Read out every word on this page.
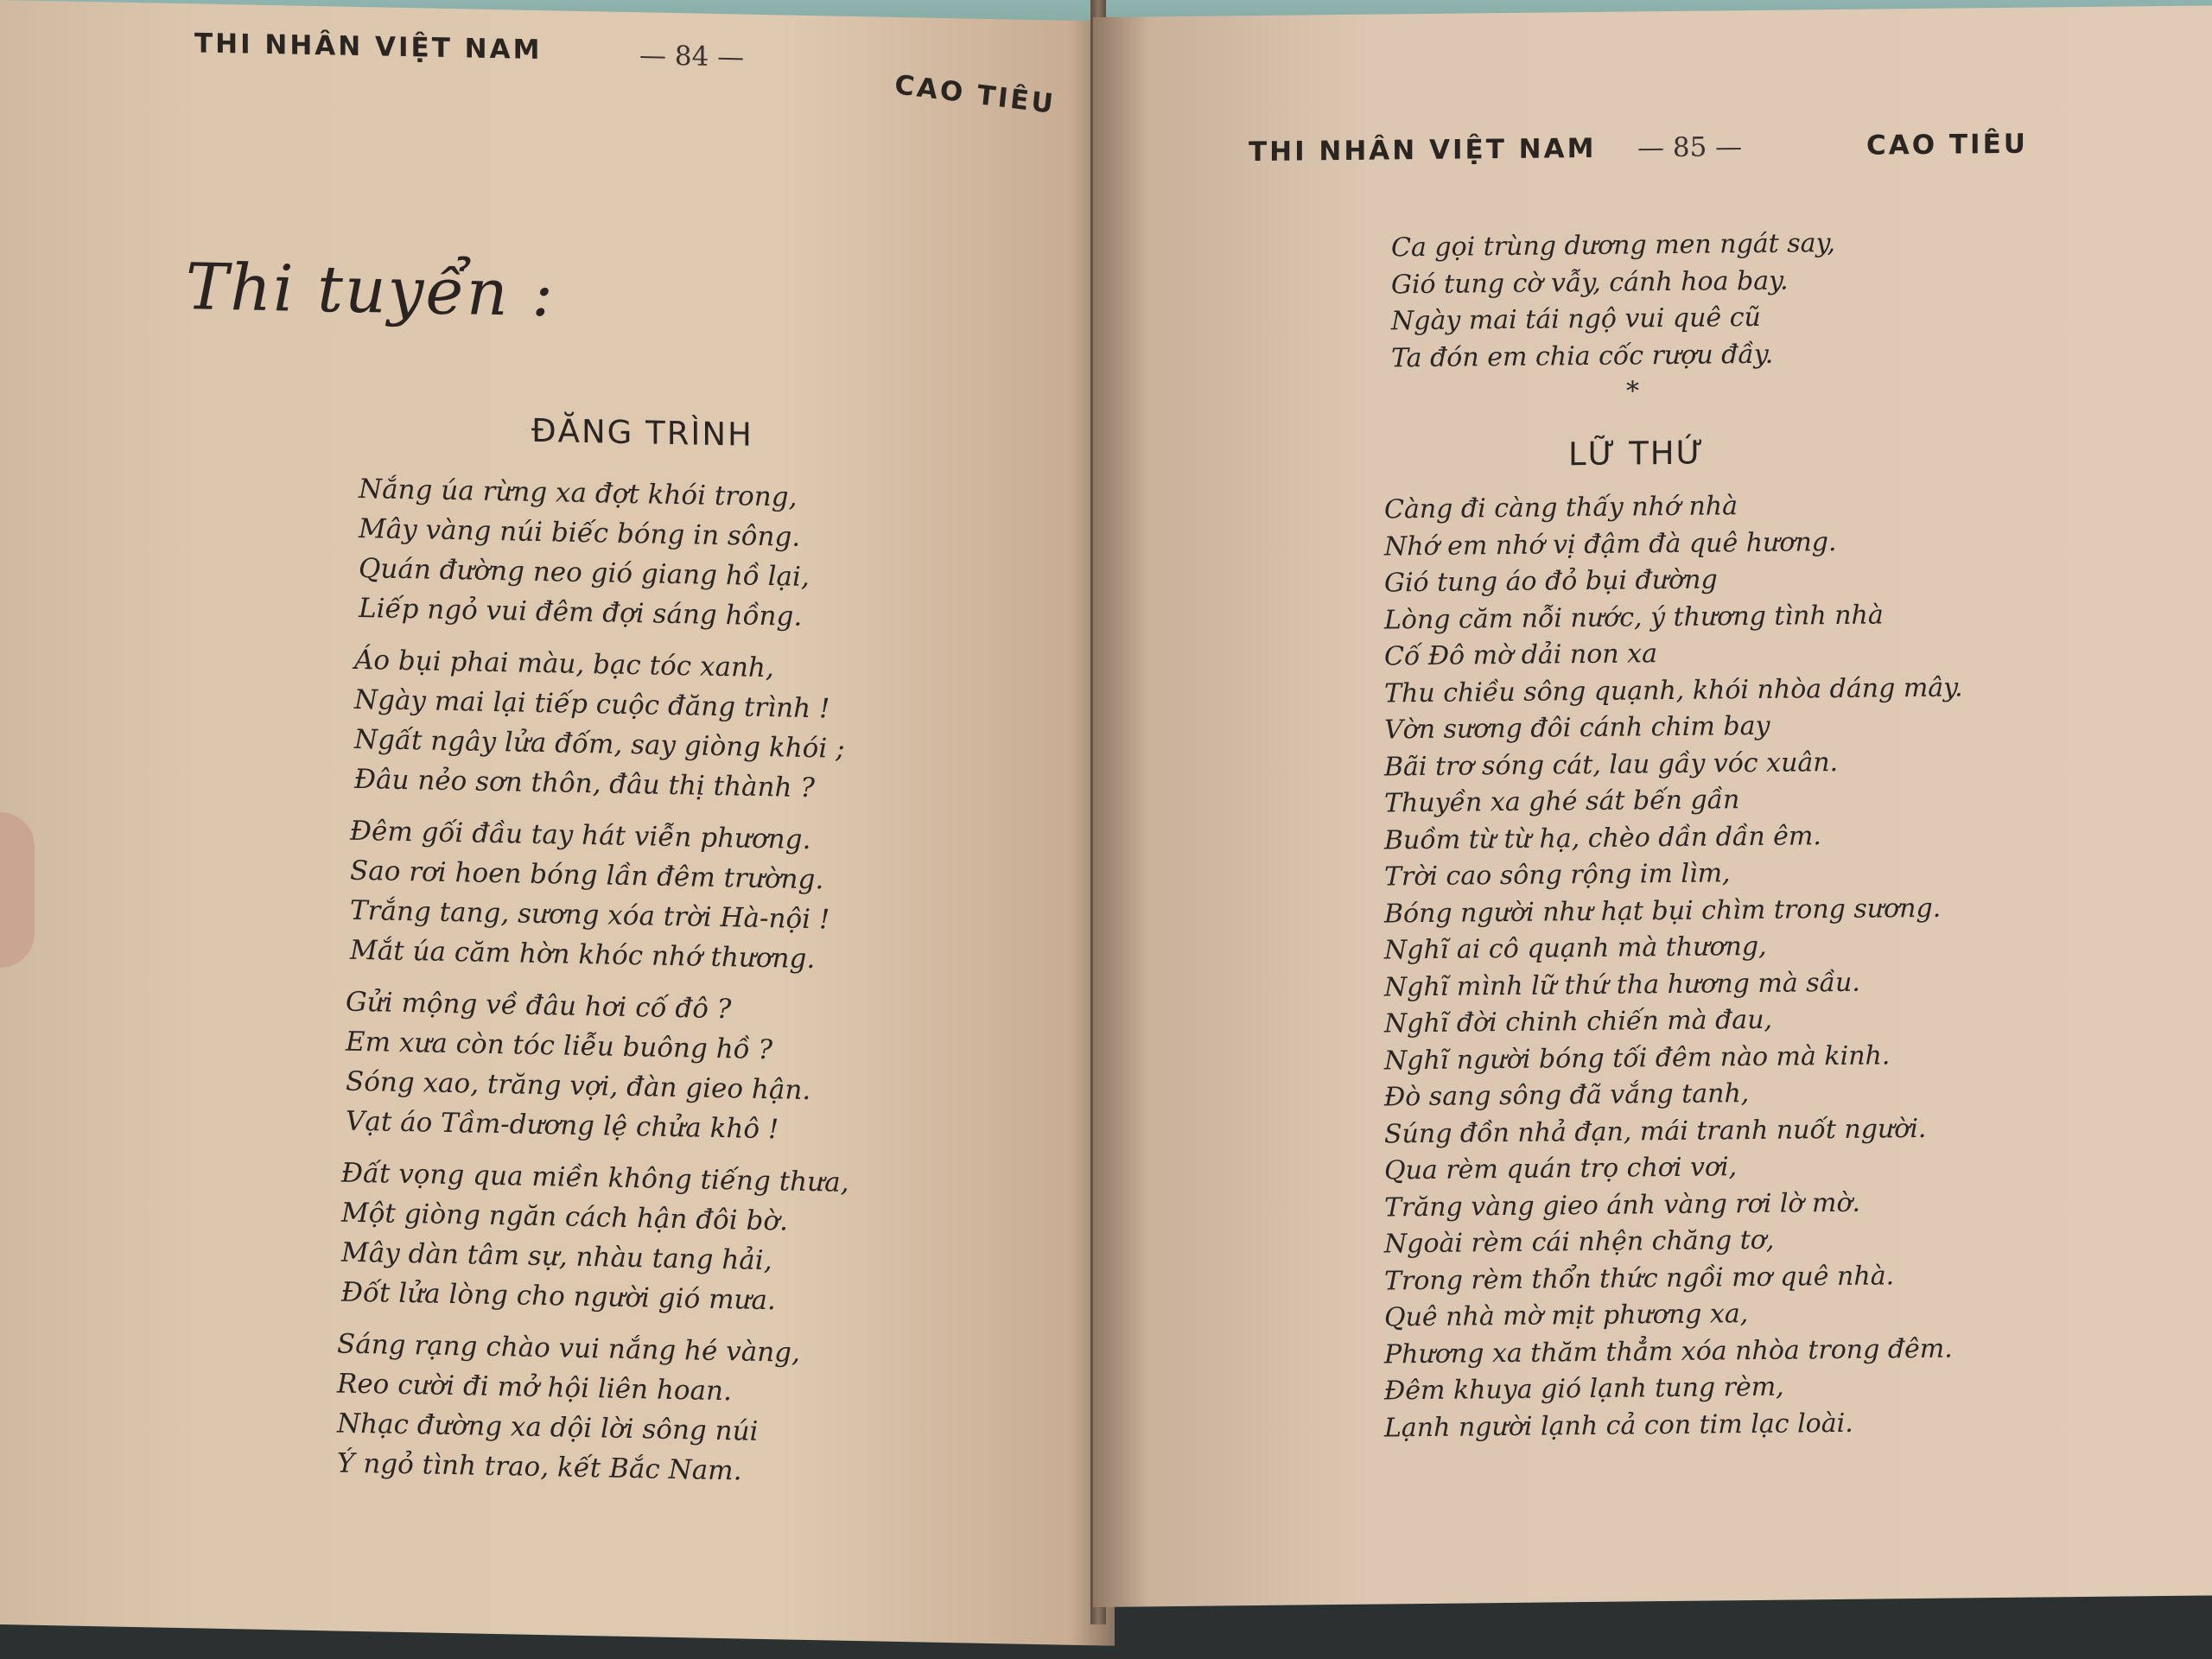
THI NHÂN VIỆT NAM	— 84 —
CAO TIÊU
Thi tuyển :
ĐĂNG TRÌNH
Nắng úa rừng xa đợt khói trong,
Mây vàng núi biếc bóng in sông.
Quán đường neo gió giang hồ lại,
Liếp ngỏ vui đêm đợi sáng hồng.
Áo bụi phai màu, bạc tóc xanh,
Ngày mai lại tiếp cuộc đăng trình !
Ngất ngây lửa đốm, say giòng khói ;
Đâu nẻo sơn thôn, đâu thị thành ?
Đêm gối đầu tay hát viễn phương.
Sao rơi hoen bóng lần đêm trường.
Trắng tang, sương xóa trời Hà-nội !
Mắt úa căm hờn khóc nhớ thương.
Gửi mộng về đâu hơi cố đô ?
Em xưa còn tóc liễu buông hồ ?
Sóng xao, trăng vợi, đàn gieo hận.
Vạt áo Tầm-dương lệ chửa khô !
Đất vọng qua miền không tiếng thưa,
Một giòng ngăn cách hận đôi bờ.
Mây dàn tâm sự, nhàu tang hải,
Đốt lửa lòng cho người gió mưa.
Sáng rạng chào vui nắng hé vàng,
Reo cười đi mở hội liên hoan.
Nhạc đường xa dội lời sông núi
Ý ngỏ tình trao, kết Bắc Nam.
THI NHÂN VIỆT NAM — 85 —	CAO TIÊU
Ca gọi trùng dương men ngát say,
Gió tung cờ vẫy, cánh hoa bay.
Ngày mai tái ngộ vui quê cũ
Ta đón em chia cốc rượu đầy.
*
LỮ THỨ
Càng đi càng thấy nhớ nhà
Nhớ em nhớ vị đậm đà quê hương.
Gió tung áo đỏ bụi đường
Lòng căm nỗi nước, ý thương tình nhà
Cố Đô mờ dải non xa
Thu chiều sông quạnh, khói nhòa dáng mây.
Vờn sương đôi cánh chim bay
Bãi trơ sóng cát, lau gầy vóc xuân.
Thuyền xa ghé sát bến gần
Buồm từ từ hạ, chèo dần dần êm.
Trời cao sông rộng im lìm,
Bóng người như hạt bụi chìm trong sương.
Nghĩ ai cô quạnh mà thương,
Nghĩ mình lữ thứ tha hương mà sầu.
Nghĩ đời chinh chiến mà đau,
Nghĩ người bóng tối đêm nào mà kinh.
Đò sang sông đã vắng tanh,
Súng đồn nhả đạn, mái tranh nuốt người.
Qua rèm quán trọ chơi vơi,
Trăng vàng gieo ánh vàng rơi lờ mờ.
Ngoài rèm cái nhện chăng tơ,
Trong rèm thổn thức ngồi mơ quê nhà.
Quê nhà mờ mịt phương xa,
Phương xa thăm thẳm xóa nhòa trong đêm.
Đêm khuya gió lạnh tung rèm,
Lạnh người lạnh cả con tim lạc loài.
